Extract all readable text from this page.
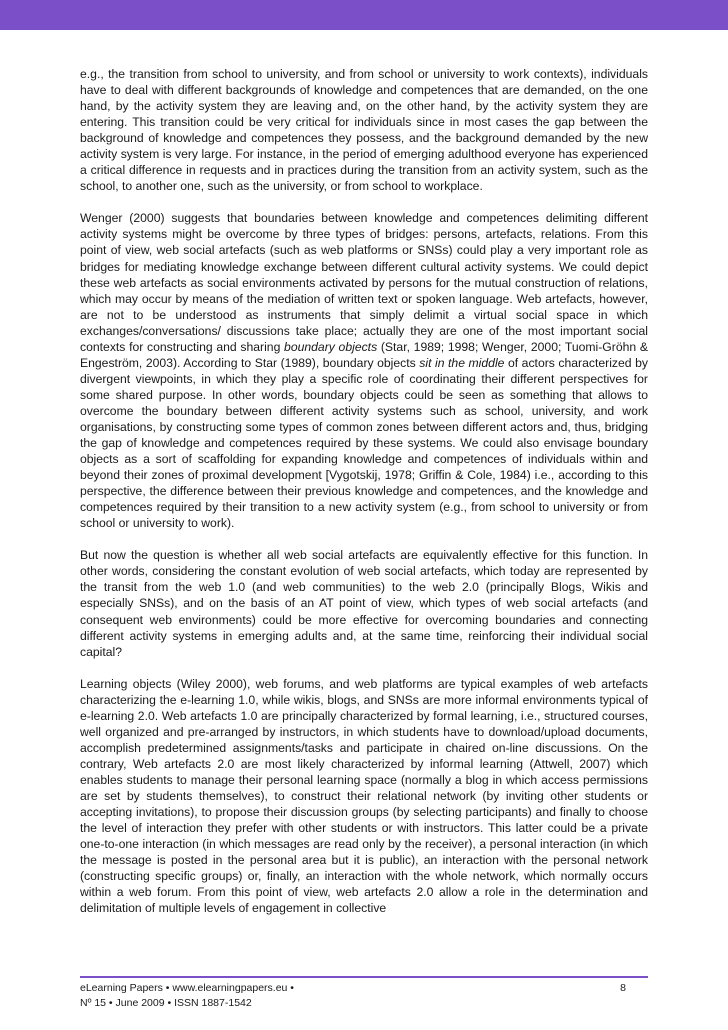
e.g., the transition from school to university, and from school or university to work contexts), individuals have to deal with different backgrounds of knowledge and competences that are demanded, on the one hand, by the activity system they are leaving and, on the other hand, by the activity system they are entering. This transition could be very critical for individuals since in most cases the gap between the background of knowledge and competences they possess, and the background demanded by the new activity system is very large. For instance, in the period of emerging adulthood everyone has experienced a critical difference in requests and in practices during the transition from an activity system, such as the school, to another one, such as the university, or from school to workplace.

Wenger (2000) suggests that boundaries between knowledge and competences delimiting different activity systems might be overcome by three types of bridges: persons, artefacts, relations. From this point of view, web social artefacts (such as web platforms or SNSs) could play a very important role as bridges for mediating knowledge exchange between different cultural activity systems. We could depict these web artefacts as social environments activated by persons for the mutual construction of relations, which may occur by means of the mediation of written text or spoken language. Web artefacts, however, are not to be understood as instruments that simply delimit a virtual social space in which exchanges/conversations/ discussions take place; actually they are one of the most important social contexts for constructing and sharing boundary objects (Star, 1989; 1998; Wenger, 2000; Tuomi-Gröhn & Engeström, 2003). According to Star (1989), boundary objects sit in the middle of actors characterized by divergent viewpoints, in which they play a specific role of coordinating their different perspectives for some shared purpose. In other words, boundary objects could be seen as something that allows to overcome the boundary between different activity systems such as school, university, and work organisations, by constructing some types of common zones between different actors and, thus, bridging the gap of knowledge and competences required by these systems. We could also envisage boundary objects as a sort of scaffolding for expanding knowledge and competences of individuals within and beyond their zones of proximal development [Vygotskij, 1978; Griffin & Cole, 1984) i.e., according to this perspective, the difference between their previous knowledge and competences, and the knowledge and competences required by their transition to a new activity system (e.g., from school to university or from school or university to work).

But now the question is whether all web social artefacts are equivalently effective for this function. In other words, considering the constant evolution of web social artefacts, which today are represented by the transit from the web 1.0 (and web communities) to the web 2.0 (principally Blogs, Wikis and especially SNSs), and on the basis of an AT point of view, which types of web social artefacts (and consequent web environments) could be more effective for overcoming boundaries and connecting different activity systems in emerging adults and, at the same time, reinforcing their individual social capital?

Learning objects (Wiley 2000), web forums, and web platforms are typical examples of web artefacts characterizing the e-learning 1.0, while wikis, blogs, and SNSs are more informal environments typical of e-learning 2.0. Web artefacts 1.0 are principally characterized by formal learning, i.e., structured courses, well organized and pre-arranged by instructors, in which students have to download/upload documents, accomplish predetermined assignments/tasks and participate in chaired on-line discussions. On the contrary, Web artefacts 2.0 are most likely characterized by informal learning (Attwell, 2007) which enables students to manage their personal learning space (normally a blog in which access permissions are set by students themselves), to construct their relational network (by inviting other students or accepting invitations), to propose their discussion groups (by selecting participants) and finally to choose the level of interaction they prefer with other students or with instructors. This latter could be a private one-to-one interaction (in which messages are read only by the receiver), a personal interaction (in which the message is posted in the personal area but it is public), an interaction with the personal network (constructing specific groups) or, finally, an interaction with the whole network, which normally occurs within a web forum. From this point of view, web artefacts 2.0 allow a role in the determination and delimitation of multiple levels of engagement in collective

eLearning Papers • www.elearningpapers.eu •
Nº 15 • June 2009 • ISSN 1887-1542
8
